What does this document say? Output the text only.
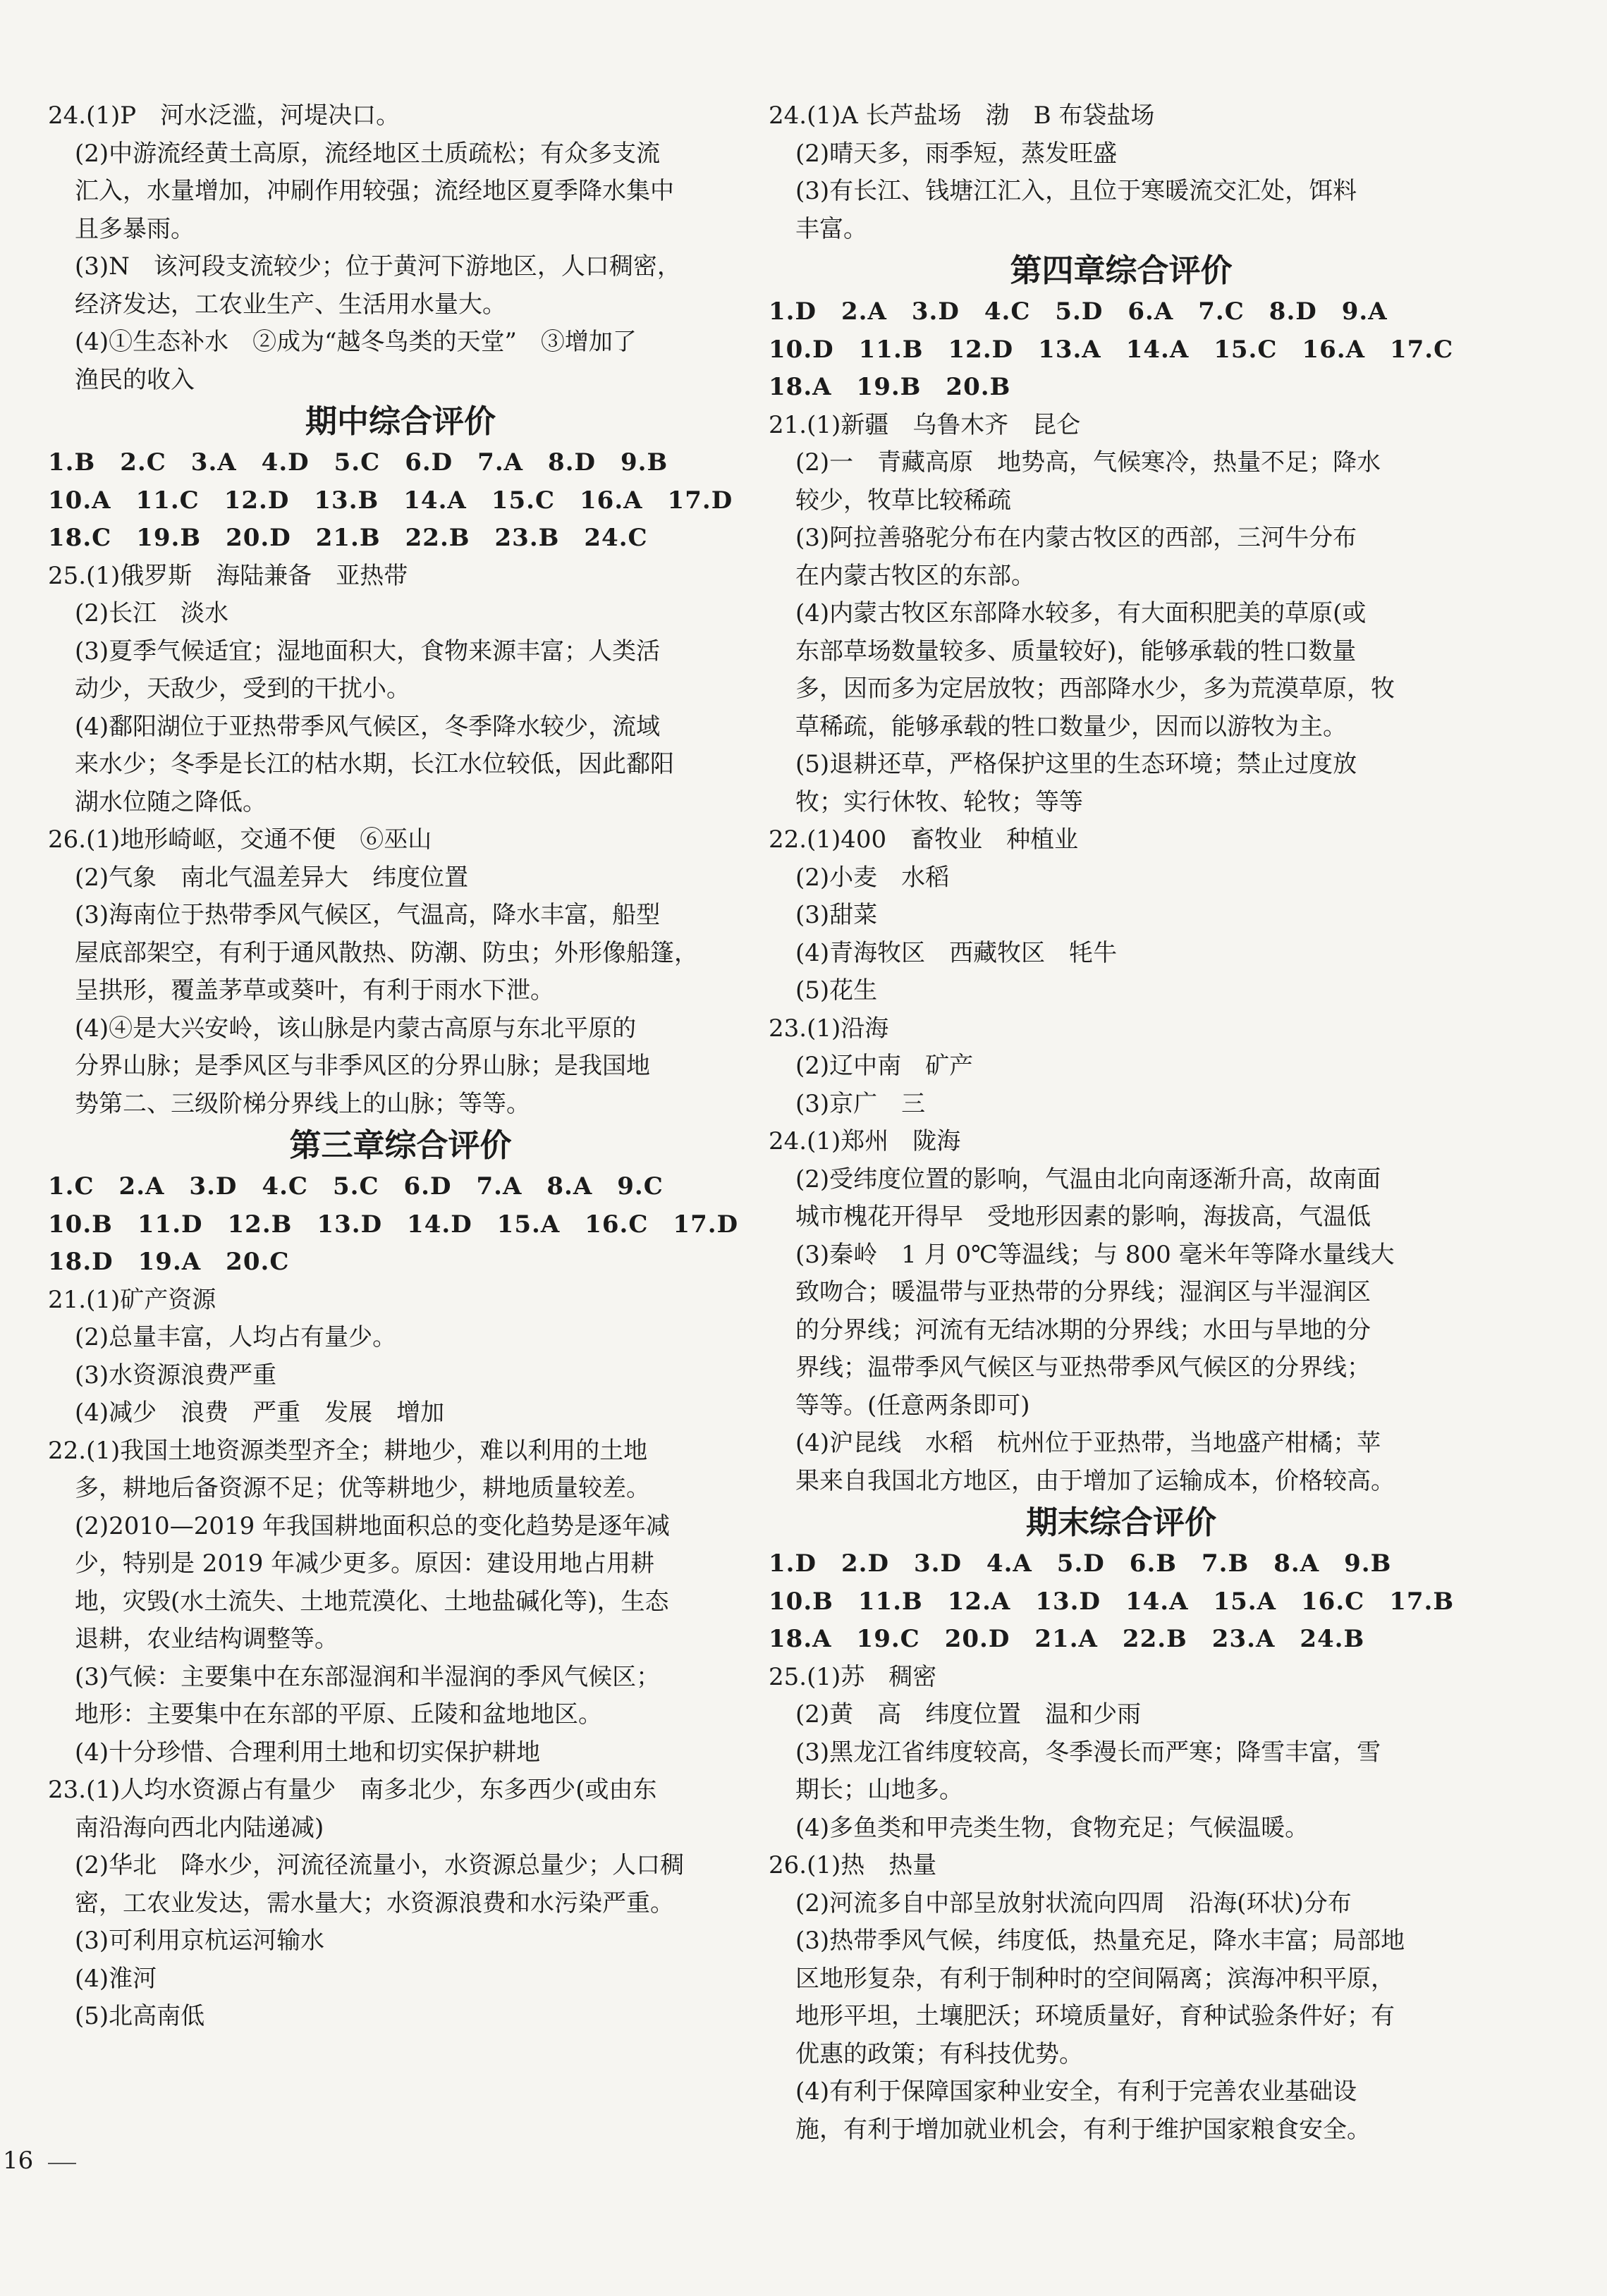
24.(1)P　河水泛滥，河堤决口。
(2)中游流经黄土高原，流经地区土质疏松；有众多支流
汇入，水量增加，冲刷作用较强；流经地区夏季降水集中
且多暴雨。
(3)N　该河段支流较少；位于黄河下游地区，人口稠密，
经济发达，工农业生产、生活用水量大。
(4)①生态补水　②成为“越冬鸟类的天堂”　③增加了
渔民的收入
期中综合评价
1.B　2.C　3.A　4.D　5.C　6.D　7.A　8.D　9.B
10.A　11.C　12.D　13.B　14.A　15.C　16.A　17.D
18.C　19.B　20.D　21.B　22.B　23.B　24.C
25.(1)俄罗斯　海陆兼备　亚热带
(2)长江　淡水
(3)夏季气候适宜；湿地面积大，食物来源丰富；人类活
动少，天敌少，受到的干扰小。
(4)鄱阳湖位于亚热带季风气候区，冬季降水较少，流域
来水少；冬季是长江的枯水期，长江水位较低，因此鄱阳
湖水位随之降低。
26.(1)地形崎岖，交通不便　⑥巫山
(2)气象　南北气温差异大　纬度位置
(3)海南位于热带季风气候区，气温高，降水丰富，船型
屋底部架空，有利于通风散热、防潮、防虫；外形像船篷，
呈拱形，覆盖茅草或葵叶，有利于雨水下泄。
(4)④是大兴安岭，该山脉是内蒙古高原与东北平原的
分界山脉；是季风区与非季风区的分界山脉；是我国地
势第二、三级阶梯分界线上的山脉；等等。
第三章综合评价
1.C　2.A　3.D　4.C　5.C　6.D　7.A　8.A　9.C
10.B　11.D　12.B　13.D　14.D　15.A　16.C　17.D
18.D　19.A　20.C
21.(1)矿产资源
(2)总量丰富，人均占有量少。
(3)水资源浪费严重
(4)减少　浪费　严重　发展　增加
22.(1)我国土地资源类型齐全；耕地少，难以利用的土地
多，耕地后备资源不足；优等耕地少，耕地质量较差。
(2)2010—2019 年我国耕地面积总的变化趋势是逐年减
少，特别是 2019 年减少更多。原因：建设用地占用耕
地，灾毁(水土流失、土地荒漠化、土地盐碱化等)，生态
退耕，农业结构调整等。
(3)气候：主要集中在东部湿润和半湿润的季风气候区；
地形：主要集中在东部的平原、丘陵和盆地地区。
(4)十分珍惜、合理利用土地和切实保护耕地
23.(1)人均水资源占有量少　南多北少，东多西少(或由东
南沿海向西北内陆递减)
(2)华北　降水少，河流径流量小，水资源总量少；人口稠
密，工农业发达，需水量大；水资源浪费和水污染严重。
(3)可利用京杭运河输水
(4)淮河
(5)北高南低
24.(1)A 长芦盐场　渤　B 布袋盐场
(2)晴天多，雨季短，蒸发旺盛
(3)有长江、钱塘江汇入，且位于寒暖流交汇处，饵料
丰富。
第四章综合评价
1.D　2.A　3.D　4.C　5.D　6.A　7.C　8.D　9.A
10.D　11.B　12.D　13.A　14.A　15.C　16.A　17.C
18.A　19.B　20.B
21.(1)新疆　乌鲁木齐　昆仑
(2)一　青藏高原　地势高，气候寒冷，热量不足；降水
较少，牧草比较稀疏
(3)阿拉善骆驼分布在内蒙古牧区的西部，三河牛分布
在内蒙古牧区的东部。
(4)内蒙古牧区东部降水较多，有大面积肥美的草原(或
东部草场数量较多、质量较好)，能够承载的牲口数量
多，因而多为定居放牧；西部降水少，多为荒漠草原，牧
草稀疏，能够承载的牲口数量少，因而以游牧为主。
(5)退耕还草，严格保护这里的生态环境；禁止过度放
牧；实行休牧、轮牧；等等
22.(1)400　畜牧业　种植业
(2)小麦　水稻
(3)甜菜
(4)青海牧区　西藏牧区　牦牛
(5)花生
23.(1)沿海
(2)辽中南　矿产
(3)京广　三
24.(1)郑州　陇海
(2)受纬度位置的影响，气温由北向南逐渐升高，故南面
城市槐花开得早　受地形因素的影响，海拔高，气温低
(3)秦岭　1 月 0℃等温线；与 800 毫米年等降水量线大
致吻合；暖温带与亚热带的分界线；湿润区与半湿润区
的分界线；河流有无结冰期的分界线；水田与旱地的分
界线；温带季风气候区与亚热带季风气候区的分界线；
等等。(任意两条即可)
(4)沪昆线　水稻　杭州位于亚热带，当地盛产柑橘；苹
果来自我国北方地区，由于增加了运输成本，价格较高。
期末综合评价
1.D　2.D　3.D　4.A　5.D　6.B　7.B　8.A　9.B
10.B　11.B　12.A　13.D　14.A　15.A　16.C　17.B
18.A　19.C　20.D　21.A　22.B　23.A　24.B
25.(1)苏　稠密
(2)黄　高　纬度位置　温和少雨
(3)黑龙江省纬度较高，冬季漫长而严寒；降雪丰富，雪
期长；山地多。
(4)多鱼类和甲壳类生物，食物充足；气候温暖。
26.(1)热　热量
(2)河流多自中部呈放射状流向四周　沿海(环状)分布
(3)热带季风气候，纬度低，热量充足，降水丰富；局部地
区地形复杂，有利于制种时的空间隔离；滨海冲积平原，
地形平坦，土壤肥沃；环境质量好，育种试验条件好；有
优惠的政策；有科技优势。
(4)有利于保障国家种业安全，有利于完善农业基础设
施，有利于增加就业机会，有利于维护国家粮食安全。
16
